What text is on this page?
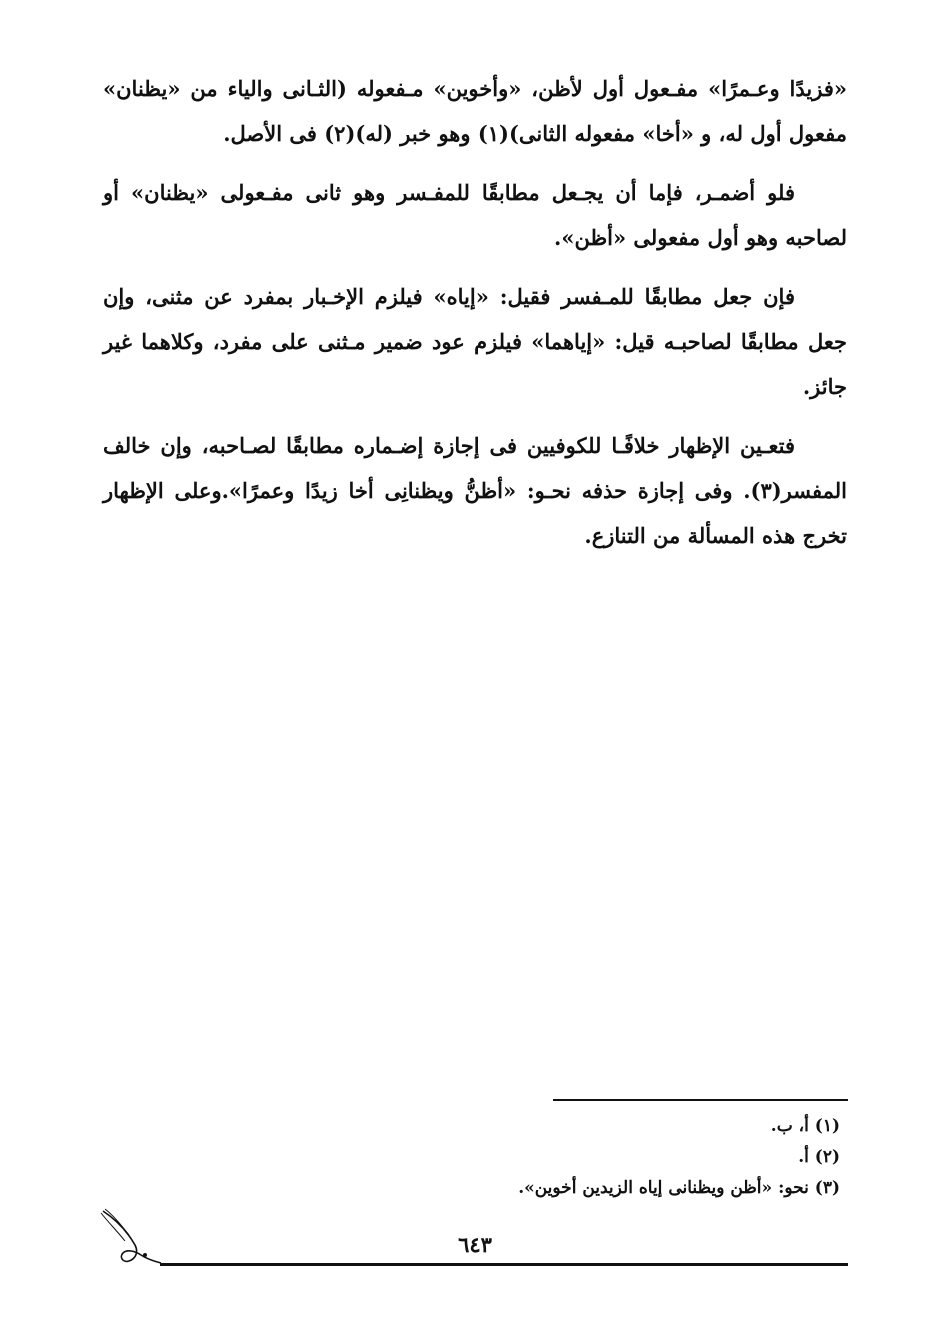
«فزيدًا وعـمرًا» مفـعول أول لأظن، «وأخوين» مـفعوله (الثـانى والياء من «يظنان» مفعول أول له، و «أخا» مفعوله الثانى)(١) وهو خبر (له)(٢) فى الأصل.

فلو أضمـر، فإما أن يجـعل مطابقًا للمفـسر وهو ثانى مفـعولى «يظنان» أو لصاحبه وهو أول مفعولى «أظن».

فإن جعل مطابقًا للمـفسر فقيل: «إياه» فيلزم الإخـبار بمفرد عن مثنى، وإن جعل مطابقًا لصاحبـه قيل: «إياهما» فيلزم عود ضمير مـثنى على مفرد، وكلاهما غير جائز.

فتعـين الإظهار خلافًـا للكوفيين فى إجازة إضـماره مطابقًا لصـاحبه، وإن خالف المفسر(٣). وفى إجازة حذفه نحـو: «أظنُّ ويظنانِى أخا زيدًا وعمرًا».وعلى الإظهار تخرج هذه المسألة من التنازع.

(١) أ، ب.
(٢) أ.
(٣) نحو: «أظن ويظنانى إياه الزيدين أخوين».
٦٤٣
